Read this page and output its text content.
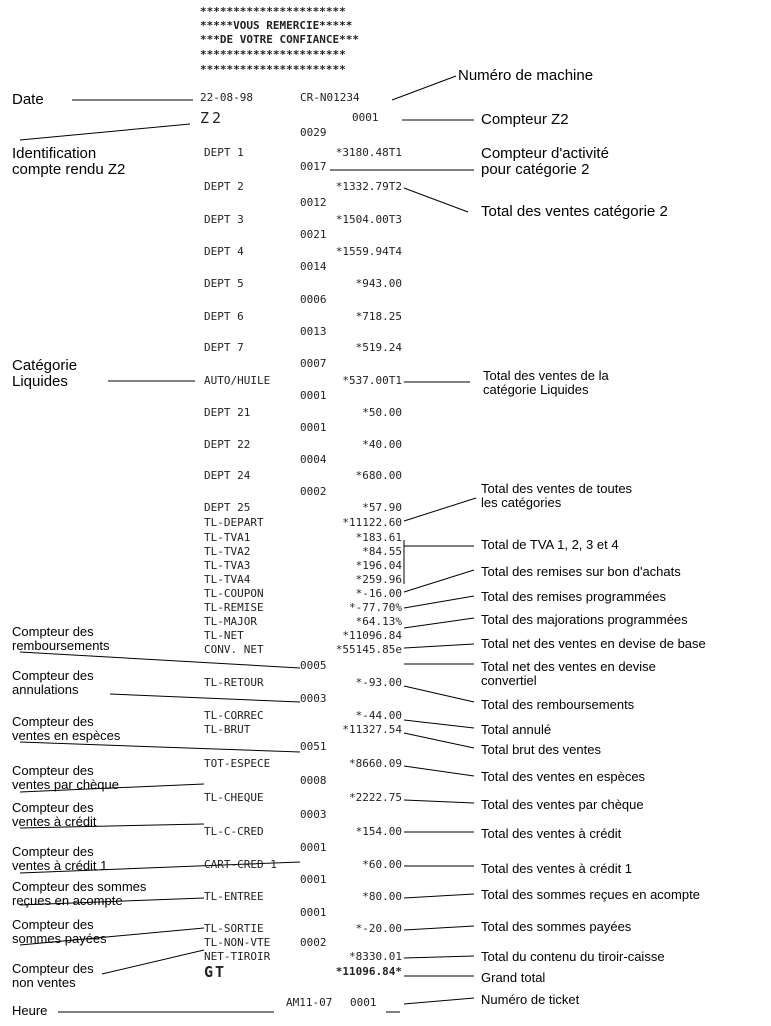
**********************
*****VOUS REMERCIE*****
***DE VOTRE CONFIANCE***
**********************
**********************
22-08-98	CR-N01234
Z2	0001
0029
DEPT 1	*3180.48T1
0017
DEPT 2	*1332.79T2
0012
DEPT 3	*1504.00T3
0021
DEPT 4	*1559.94T4
0014
DEPT 5	*943.00
0006
DEPT 6	*718.25
0013
DEPT 7	*519.24
0007
AUTO/HUILE	*537.00T1
0001
DEPT 21	*50.00
0001
DEPT 22	*40.00
0004
DEPT 24	*680.00
0002
DEPT 25	*57.90
TL-DEPART	*11122.60
TL-TVA1	*183.61
TL-TVA2	*84.55
TL-TVA3	*196.04
TL-TVA4	*259.96
TL-COUPON	*-16.00
TL-REMISE	*-77.70%
TL-MAJOR	*64.13%
TL-NET	*11096.84
CONV. NET	*55145.85e
0005
TL-RETOUR	*-93.00
0003
TL-CORREC	*-44.00
TL-BRUT	*11327.54
0051
TOT-ESPECE	*8660.09
0008
TL-CHEQUE	*2222.75
0003
TL-C-CRED	*154.00
0001
CART-CRED 1	*60.00
0001
TL-ENTREE	*80.00
0001
TL-SORTIE	*-20.00
TL-NON-VTE	0002
NET-TIROIR	*8330.01
GT	*11096.84*
AM11-07 0001
Numéro de machine
Compteur Z2
Compteur d'activité
pour catégorie 2
Total des ventes catégorie 2
Total des ventes de la
catégorie Liquides
Total des ventes de toutes
les catégories
Total de TVA 1, 2, 3 et 4
Total des remises sur bon d'achats
Total des remises programmées
Total des majorations programmées
Total net des ventes en devise de base
Total net des ventes en devise
convertiel
Total des remboursements
Total annulé
Total brut des ventes
Total des ventes en espèces
Total des ventes par chèque
Total des ventes à crédit
Total des ventes à crédit 1
Total des sommes reçues en acompte
Total des sommes payées
Total du contenu du tiroir-caisse
Grand total
Numéro de ticket
Date
Identification
compte rendu Z2
Catégorie
Liquides
Compteur des
remboursements
Compteur des
annulations
Compteur des
ventes en espèces
Compteur des
ventes par chèque
Compteur des
ventes à crédit
Compteur des
ventes à crédit 1
Compteur des sommes
reçues en acompte
Compteur des
sommes payées
Compteur des
non ventes
Heure
